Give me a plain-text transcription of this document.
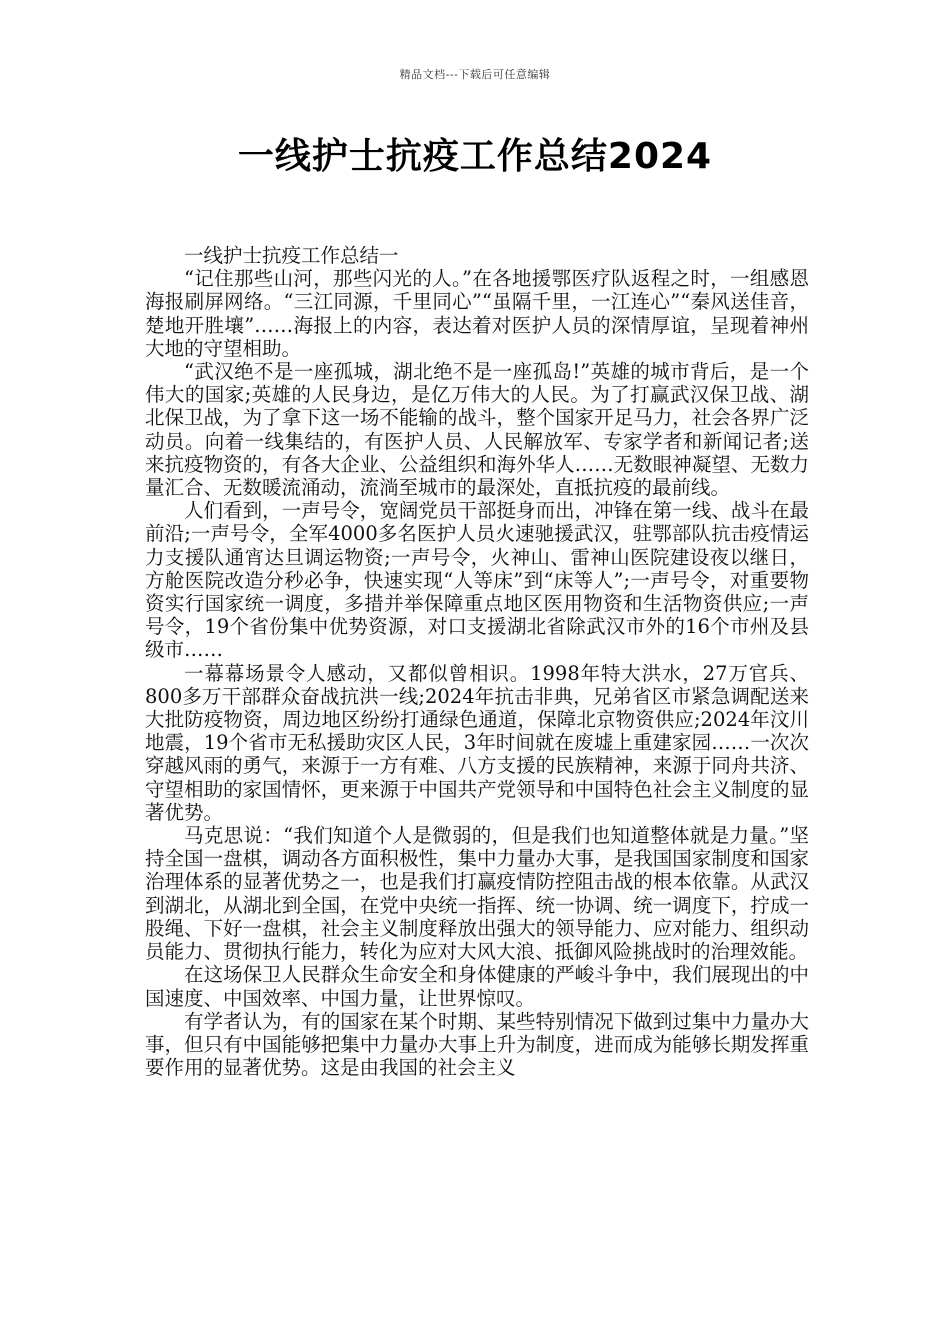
精品文档---下载后可任意编辑
一线护士抗疫工作总结2024

一线护士抗疫工作总结一

“记住那些山河，那些闪光的人。”在各地援鄂医疗队返程之时，一组感恩海报刷屏网络。“三江同源，千里同心”“虽隔千里，一江连心”“秦风送佳音，楚地开胜壤”……海报上的内容，表达着对医护人员的深情厚谊，呈现着神州大地的守望相助。

“武汉绝不是一座孤城，湖北绝不是一座孤岛!”英雄的城市背后，是一个伟大的国家;英雄的人民身边，是亿万伟大的人民。为了打赢武汉保卫战、湖北保卫战，为了拿下这一场不能输的战斗，整个国家开足马力，社会各界广泛动员。向着一线集结的，有医护人员、人民解放军、专家学者和新闻记者;送来抗疫物资的，有各大企业、公益组织和海外华人……无数眼神凝望、无数力量汇合、无数暖流涌动，流淌至城市的最深处，直抵抗疫的最前线。

人们看到，一声号令，宽阔党员干部挺身而出，冲锋在第一线、战斗在最前沿;一声号令，全军4000多名医护人员火速驰援武汉，驻鄂部队抗击疫情运力支援队通宵达旦调运物资;一声号令，火神山、雷神山医院建设夜以继日，方舱医院改造分秒必争，快速实现“人等床”到“床等人”;一声号令，对重要物资实行国家统一调度，多措并举保障重点地区医用物资和生活物资供应;一声号令，19个省份集中优势资源，对口支援湖北省除武汉市外的16个市州及县级市……

一幕幕场景令人感动，又都似曾相识。1998年特大洪水，27万官兵、800多万干部群众奋战抗洪一线;2024年抗击非典，兄弟省区市紧急调配送来大批防疫物资，周边地区纷纷打通绿色通道，保障北京物资供应;2024年汶川地震，19个省市无私援助灾区人民，3年时间就在废墟上重建家园……一次次穿越风雨的勇气，来源于一方有难、八方支援的民族精神，来源于同舟共济、守望相助的家国情怀，更来源于中国共产党领导和中国特色社会主义制度的显著优势。

马克思说：“我们知道个人是微弱的，但是我们也知道整体就是力量。”坚持全国一盘棋，调动各方面积极性，集中力量办大事，是我国国家制度和国家治理体系的显著优势之一，也是我们打赢疫情防控阻击战的根本依靠。从武汉到湖北，从湖北到全国，在党中央统一指挥、统一协调、统一调度下，拧成一股绳、下好一盘棋，社会主义制度释放出强大的领导能力、应对能力、组织动员能力、贯彻执行能力，转化为应对大风大浪、抵御风险挑战时的治理效能。

在这场保卫人民群众生命安全和身体健康的严峻斗争中，我们展现出的中国速度、中国效率、中国力量，让世界惊叹。

有学者认为，有的国家在某个时期、某些特别情况下做到过集中力量办大事，但只有中国能够把集中力量办大事上升为制度，进而成为能够长期发挥重要作用的显著优势。这是由我国的社会主义
